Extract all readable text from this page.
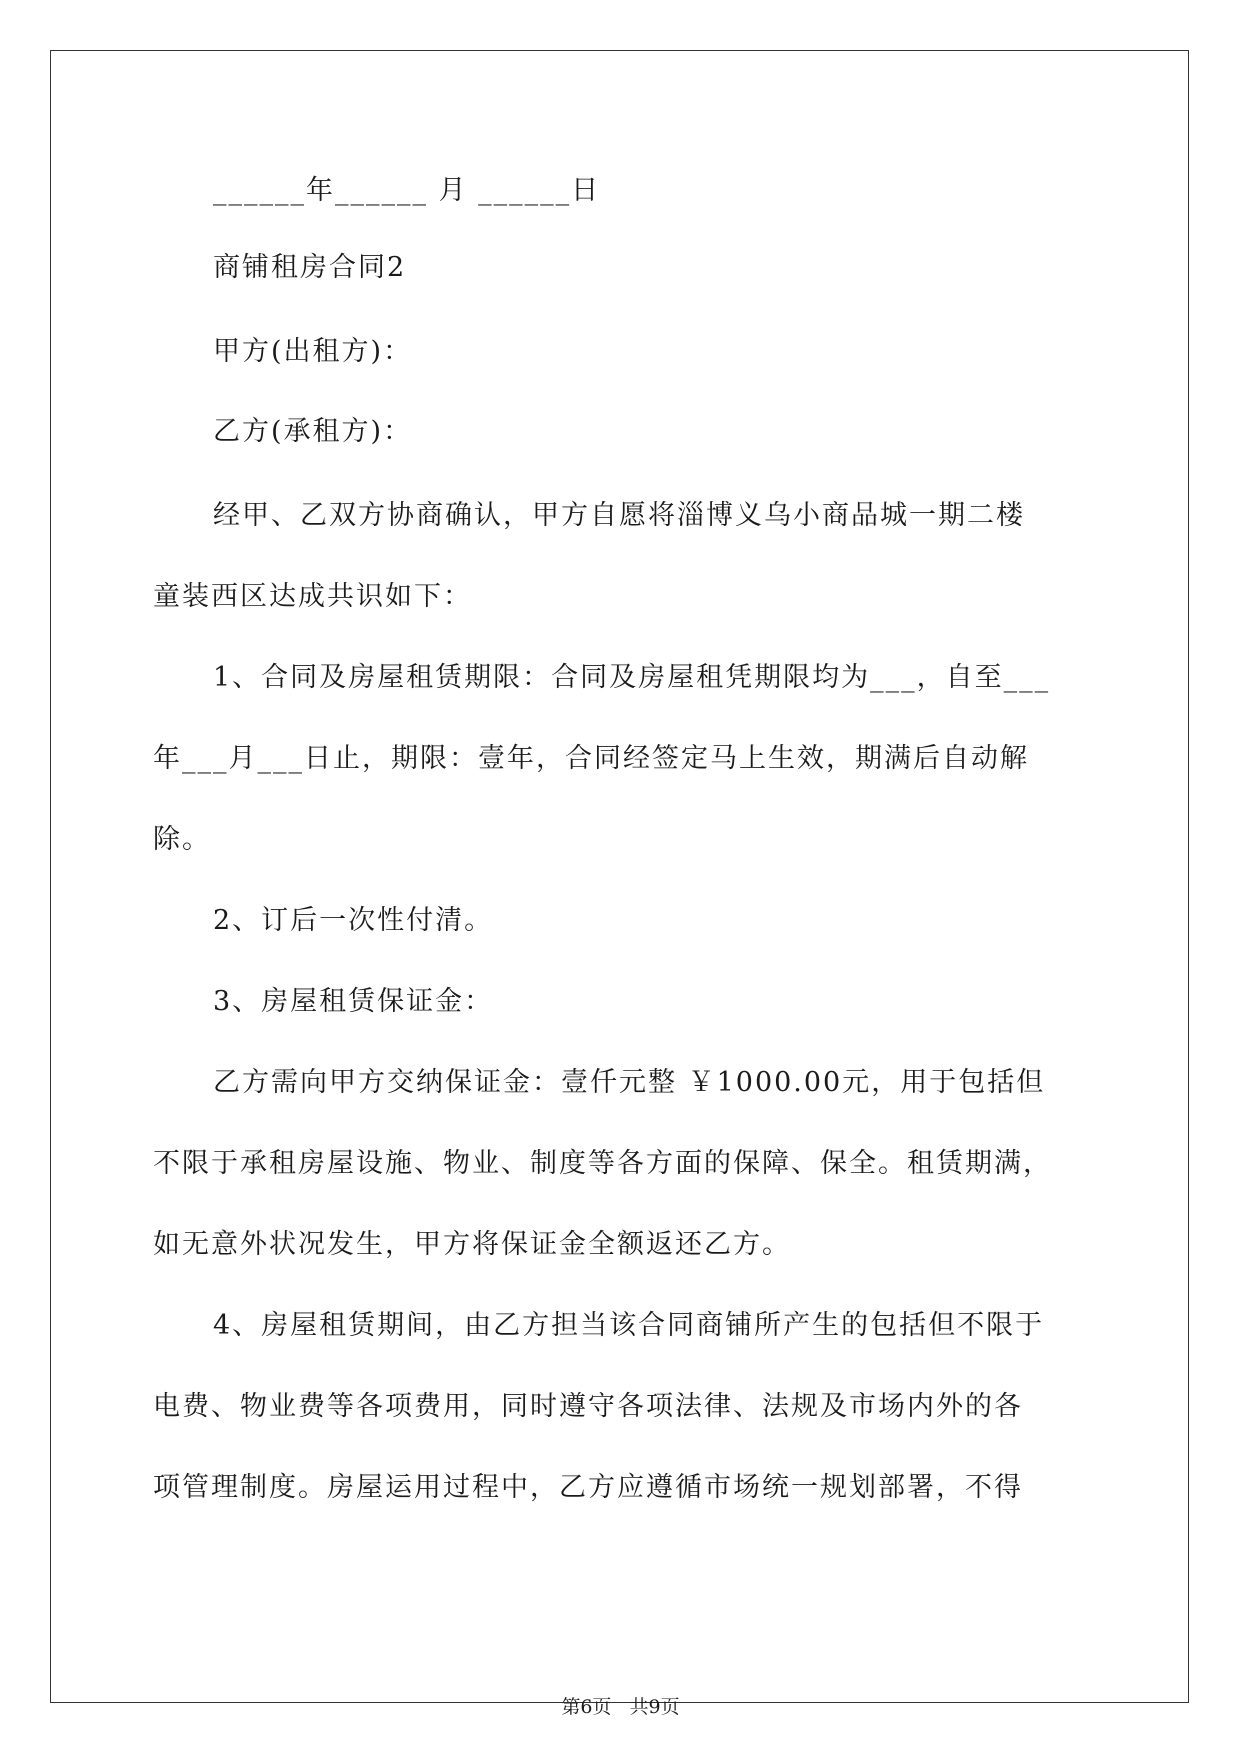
______年______ 月 ______日
商铺租房合同2
甲方(出租方)：
乙方(承租方)：
经甲、乙双方协商确认，甲方自愿将淄博义乌小商品城一期二楼
童装西区达成共识如下：
1、合同及房屋租赁期限：合同及房屋租凭期限均为___，自至___
年___月___日止，期限：壹年，合同经签定马上生效，期满后自动解
除。
2、订后一次性付清。
3、房屋租赁保证金：
乙方需向甲方交纳保证金：壹仟元整 ￥1000.00元，用于包括但
不限于承租房屋设施、物业、制度等各方面的保障、保全。租赁期满，
如无意外状况发生，甲方将保证金全额返还乙方。
4、房屋租赁期间，由乙方担当该合同商铺所产生的包括但不限于
电费、物业费等各项费用，同时遵守各项法律、法规及市场内外的各
项管理制度。房屋运用过程中，乙方应遵循市场统一规划部署，不得
第6页   共9页
